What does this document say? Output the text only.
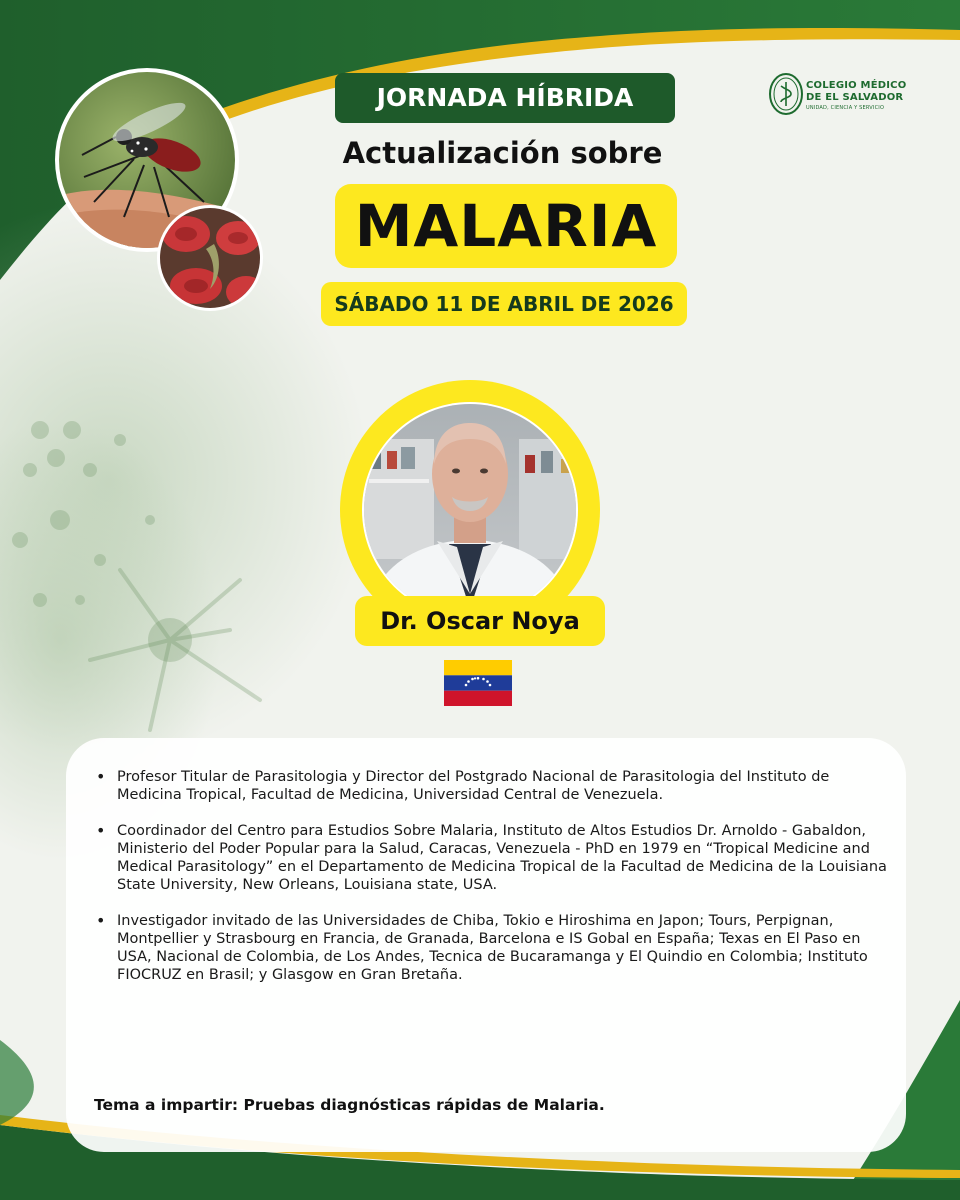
COLEGIO MÉDICO
DE EL SALVADOR
UNIDAD, CIENCIA Y SERVICIO
JORNADA HÍBRIDA
Actualización sobre
MALARIA
SÁBADO 11 DE ABRIL DE 2026
Dr. Oscar Noya
• Profesor Titular de Parasitologia y Director del Postgrado Nacional de Parasitologia del Instituto de Medicina Tropical, Facultad de Medicina, Universidad Central de Venezuela.
• Coordinador del Centro para Estudios Sobre Malaria, Instituto de Altos Estudios Dr. Arnoldo - Gabaldon, Ministerio del Poder Popular para la Salud, Caracas, Venezuela - PhD en 1979 en “Tropical Medicine and Medical Parasitology” en el Departamento de Medicina Tropical de la Facultad de Medicina de la Louisiana State University, New Orleans, Louisiana state, USA.
• Investigador invitado de las Universidades de Chiba, Tokio e Hiroshima en Japon; Tours, Perpignan, Montpellier y Strasbourg en Francia, de Granada, Barcelona e IS Gobal en España; Texas en El Paso en USA, Nacional de Colombia, de Los Andes, Tecnica de Bucaramanga y El Quindio en Colombia; Instituto FIOCRUZ en Brasil; y Glasgow en Gran Bretaña.
Tema a impartir: Pruebas diagnósticas rápidas de Malaria.
